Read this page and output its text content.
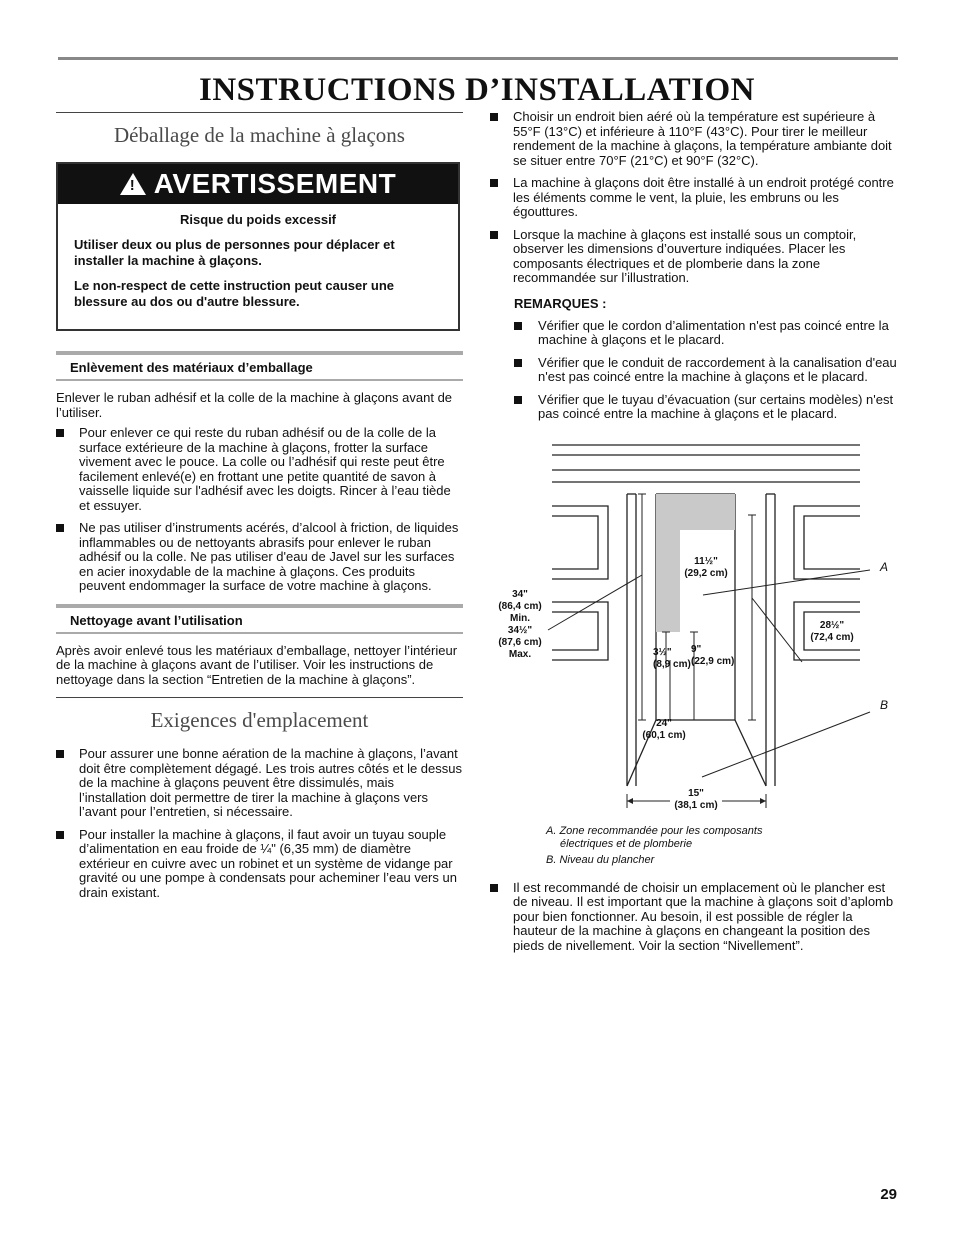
INSTRUCTIONS D’INSTALLATION
Déballage de la machine à glaçons
! AVERTISSEMENT
Risque du poids excessif

Utiliser deux ou plus de personnes pour déplacer et installer la machine à glaçons.

Le non-respect de cette instruction peut causer une blessure au dos ou d'autre blessure.

Enlèvement des matériaux d’emballage
Enlever le ruban adhésif et la colle de la machine à glaçons avant de l’utiliser.
Pour enlever ce qui reste du ruban adhésif ou de la colle de la surface extérieure de la machine à glaçons, frotter la surface vivement avec le pouce. La colle ou l’adhésif qui reste peut être facilement enlevé(e) en frottant une petite quantité de savon à vaisselle liquide sur l'adhésif avec les doigts. Rincer à l’eau tiède et essuyer.
Ne pas utiliser d’instruments acérés, d’alcool à friction, de liquides inflammables ou de nettoyants abrasifs pour enlever le ruban adhésif ou la colle. Ne pas utiliser d'eau de Javel sur les surfaces en acier inoxydable de la machine à glaçons. Ces produits peuvent endommager la surface de votre machine à glaçons.
Nettoyage avant l’utilisation
Après avoir enlevé tous les matériaux d’emballage, nettoyer l’intérieur de la machine à glaçons avant de l’utiliser. Voir les instructions de nettoyage dans la section “Entretien de la machine à glaçons”.
Exigences d'emplacement
Pour assurer une bonne aération de la machine à glaçons, l’avant doit être complètement dégagé. Les trois autres côtés et le dessus de la machine à glaçons peuvent être dissimulés, mais l’installation doit permettre de tirer la machine à glaçons vers l’avant pour l’entretien, si nécessaire.
Pour installer la machine à glaçons, il faut avoir un tuyau souple d’alimentation en eau froide de ¼" (6,35 mm) de diamètre extérieur en cuivre avec un robinet et un système de vidange par gravité ou une pompe à condensats pour acheminer l’eau vers un drain existant.
Choisir un endroit bien aéré où la température est supérieure à 55°F (13°C) et inférieure à 110°F (43°C). Pour tirer le meilleur rendement de la machine à glaçons, la température ambiante doit se situer entre 70°F (21°C) et 90°F (32°C).
La machine à glaçons doit être installé à un endroit protégé contre les éléments comme le vent, la pluie, les embruns ou les égouttures.
Lorsque la machine à glaçons est installé sous un comptoir, observer les dimensions d’ouverture indiquées. Placer les composants électriques et de plomberie dans la zone recommandée sur l’illustration.
REMARQUES :
Vérifier que le cordon d’alimentation n'est pas coincé entre la machine à glaçons et le placard.
Vérifier que le conduit de raccordement à la canalisation d'eau n'est pas coincé entre la machine à glaçons et le placard.
Vérifier que le tuyau d’évacuation (sur certains modèles) n'est pas coincé entre la machine à glaçons et le placard.
11½"
(29,2 cm)
34"
(86,4 cm)
Min.
34½"
(87,6 cm)
Max.
28½"
(72,4 cm)
3½"
(8,9 cm)
9"
(22,9 cm)
24"
(60,1 cm)
15"
(38,1 cm)
A
B
A. Zone recommandée pour les composants
électriques et de plomberie
B. Niveau du plancher
Il est recommandé de choisir un emplacement où le plancher est de niveau. Il est important que la machine à glaçons soit d’aplomb pour bien fonctionner. Au besoin, il est possible de régler la hauteur de la machine à glaçons en changeant la position des pieds de nivellement. Voir la section “Nivellement”.
29
